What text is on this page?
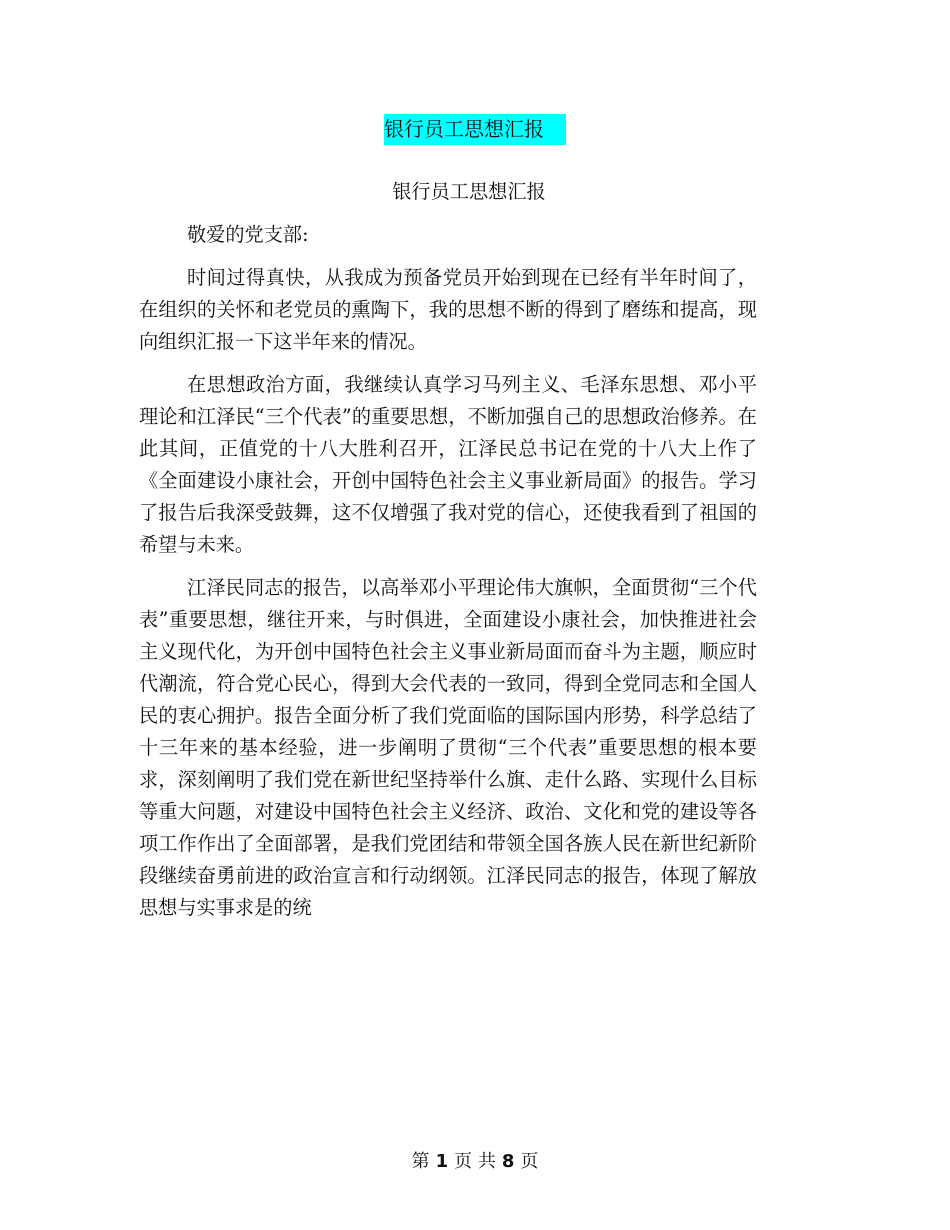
银行员工思想汇报
银行员工思想汇报

敬爱的党支部:

时间过得真快，从我成为预备党员开始到现在已经有半年时间了，在组织的关怀和老党员的熏陶下，我的思想不断的得到了磨练和提高，现向组织汇报一下这半年来的情况。

在思想政治方面，我继续认真学习马列主义、毛泽东思想、邓小平理论和江泽民“三个代表”的重要思想，不断加强自己的思想政治修养。在此其间，正值党的十八大胜利召开，江泽民总书记在党的十八大上作了《全面建设小康社会，开创中国特色社会主义事业新局面》的报告。学习了报告后我深受鼓舞，这不仅增强了我对党的信心，还使我看到了祖国的希望与未来。

江泽民同志的报告，以高举邓小平理论伟大旗帜，全面贯彻“三个代表”重要思想，继往开来，与时俱进，全面建设小康社会，加快推进社会主义现代化，为开创中国特色社会主义事业新局面而奋斗为主题，顺应时代潮流，符合党心民心，得到大会代表的一致同，得到全党同志和全国人民的衷心拥护。报告全面分析了我们党面临的国际国内形势，科学总结了十三年来的基本经验，进一步阐明了贯彻“三个代表”重要思想的根本要求，深刻阐明了我们党在新世纪坚持举什么旗、走什么路、实现什么目标等重大问题，对建设中国特色社会主义经济、政治、文化和党的建设等各项工作作出了全面部署，是我们党团结和带领全国各族人民在新世纪新阶段继续奋勇前进的政治宣言和行动纲领。江泽民同志的报告，体现了解放思想与实事求是的统

第 1 页 共 8 页
